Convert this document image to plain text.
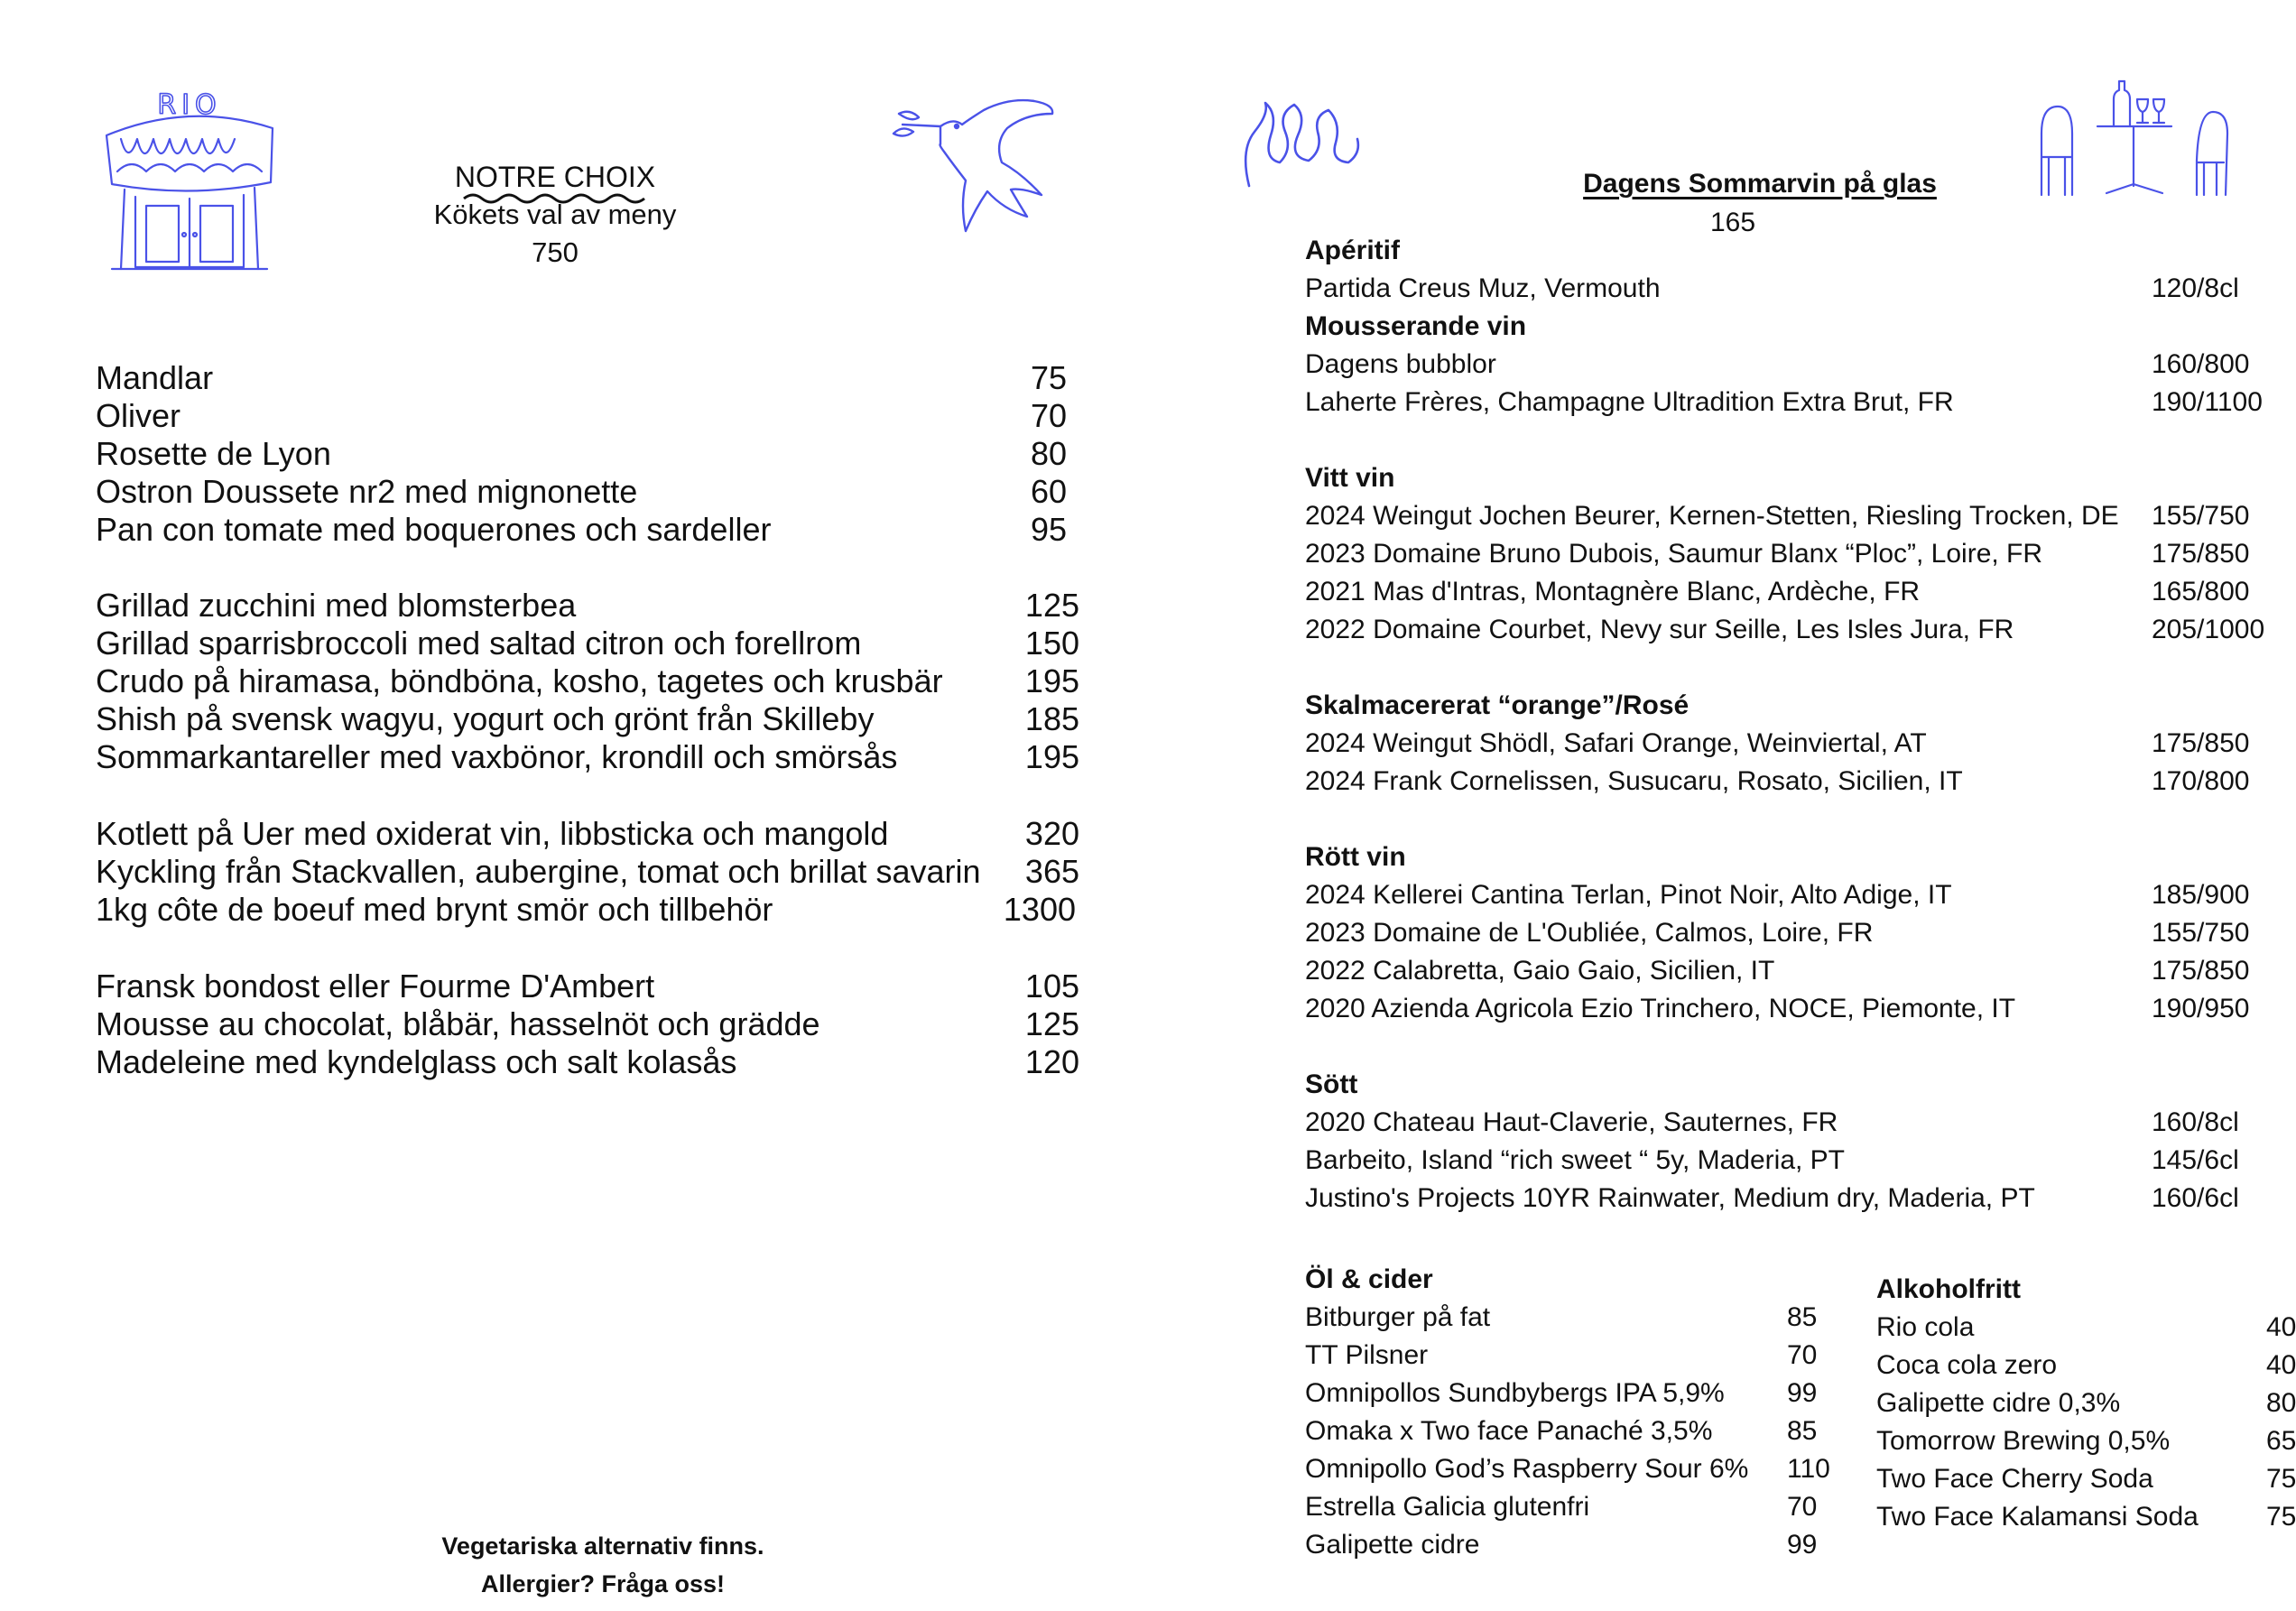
RIO
NOTRE CHOIX
Kökets val av meny
750
Mandlar	75
Oliver	70
Rosette de Lyon	80
Ostron Doussete nr2 med mignonette	60
Pan con tomate med boquerones och sardeller	95
Grillad zucchini med blomsterbea	125
Grillad sparrisbroccoli med saltad citron och forellrom	150
Crudo på hiramasa, böndböna, kosho, tagetes och krusbär	195
Shish på svensk wagyu, yogurt och grönt från Skilleby	185
Sommarkantareller med vaxbönor, krondill och smörsås	195
Kotlett på Uer med oxiderat vin, libbsticka och mangold	320
Kyckling från Stackvallen, aubergine, tomat och brillat savarin 365
1kg côte de boeuf med brynt smör och tillbehör	1300
Fransk bondost eller Fourme D'Ambert	105
Mousse au chocolat, blåbär, hasselnöt och grädde	125
Madeleine med kyndelglass och salt kolasås	120
Vegetariska alternativ finns.
Allergier? Fråga oss!
Dagens Sommarvin på glas
165
Apéritif
Partida Creus Muz, Vermouth	120/8cl
Mousserande vin
Dagens bubblor	160/800
Laherte Frères, Champagne Ultradition Extra Brut, FR	190/1100
Vitt vin
2024 Weingut Jochen Beurer, Kernen-Stetten, Riesling Trocken, DE 155/750
2023 Domaine Bruno Dubois, Saumur Blanx “Ploc”, Loire, FR	175/850
2021 Mas d'Intras, Montagnère Blanc, Ardèche, FR	165/800
2022 Domaine Courbet, Nevy sur Seille, Les Isles Jura, FR	205/1000
Skalmacererat “orange”/Rosé
2024 Weingut Shödl, Safari Orange, Weinviertal, AT	175/850
2024 Frank Cornelissen, Susucaru, Rosato, Sicilien, IT	170/800
Rött vin
2024 Kellerei Cantina Terlan, Pinot Noir, Alto Adige, IT	185/900
2023 Domaine de L'Oubliée, Calmos, Loire, FR	155/750
2022 Calabretta, Gaio Gaio, Sicilien, IT	175/850
2020 Azienda Agricola Ezio Trinchero, NOCE, Piemonte, IT	190/950
Sött
2020 Chateau Haut-Claverie, Sauternes, FR	160/8cl
Barbeito, Island “rich sweet “ 5y, Maderia, PT	145/6cl
Justino's Projects 10YR Rainwater, Medium dry, Maderia, PT	160/6cl
Öl & cider
Bitburger på fat	85
TT Pilsner	70
Omnipollos Sundbybergs IPA 5,9% 99
Omaka x Two face Panaché 3,5%	85
Omnipollo God’s Raspberry Sour 6% 110
Estrella Galicia glutenfri	70
Galipette cidre	99
Alkoholfritt
Rio cola	40
Coca cola zero	40
Galipette cidre 0,3%	80
Tomorrow Brewing 0,5%	65
Two Face Cherry Soda	75
Two Face Kalamansi Soda	75
